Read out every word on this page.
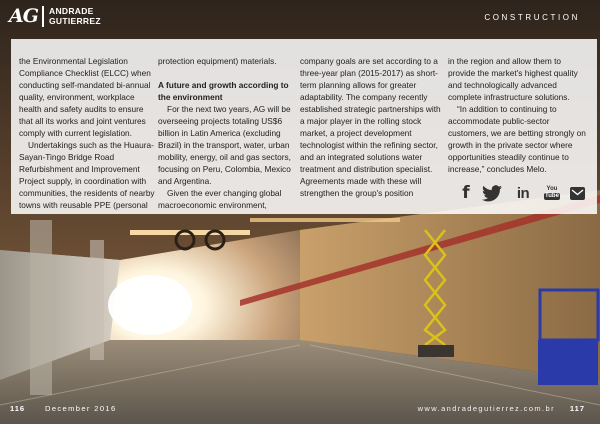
AG ANDRADE
GUTIERREZ	CONSTRUCTION

the Environmental Legislation Compliance Checklist (ELCC) when conducting self-mandated bi-annual quality, environment, workplace health and safety audits to ensure that all its works and joint ventures comply with current legislation.

Undertakings such as the Huaura-Sayan-Tingo Bridge Road Refurbishment and Improvement Project supply, in coordination with communities, the residents of nearby towns with reusable PPE (personal

protection equipment) materials.

A future and growth according to the environment

For the next two years, AG will be overseeing projects totaling US$6 billion in Latin America (excluding Brazil) in the transport, water, urban mobility, energy, oil and gas sectors, focusing on Peru, Colombia, Mexico and Argentina.

Given the ever changing global macroeconomic environment,

company goals are set according to a three-year plan (2015-2017) as short-term planning allows for greater adaptability. The company recently established strategic partnerships with a major player in the rolling stock market, a project development technologist within the refining sector, and an integrated solutions water treatment and distribution specialist. Agreements made with these will strengthen the group's position

in the region and allow them to provide the market's highest quality and technologically advanced complete infrastructure solutions.

“In addition to continuing to accommodate public-sector customers, we are betting strongly on growth in the private sector where opportunities steadily continue to increase,” concludes Melo.

f	in	You
Tube
116	December 2016	www.andradegutierrez.com.br 117
